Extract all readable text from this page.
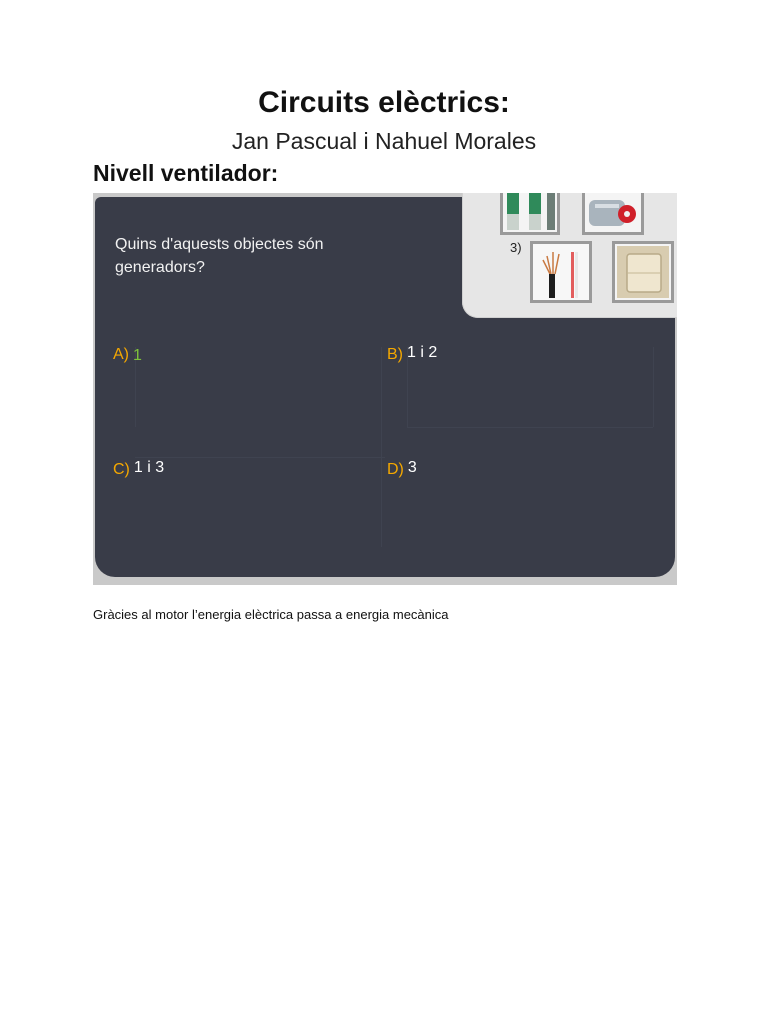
Circuits elèctrics:
Jan Pascual i Nahuel Morales
Nivell ventilador:
Quins d'aquests objectes són generadors?
A) 1	B) 1 i 2
C) 1 i 3	D) 3
3)
Gràcies al motor l’energia elèctrica passa a energia mecànica
